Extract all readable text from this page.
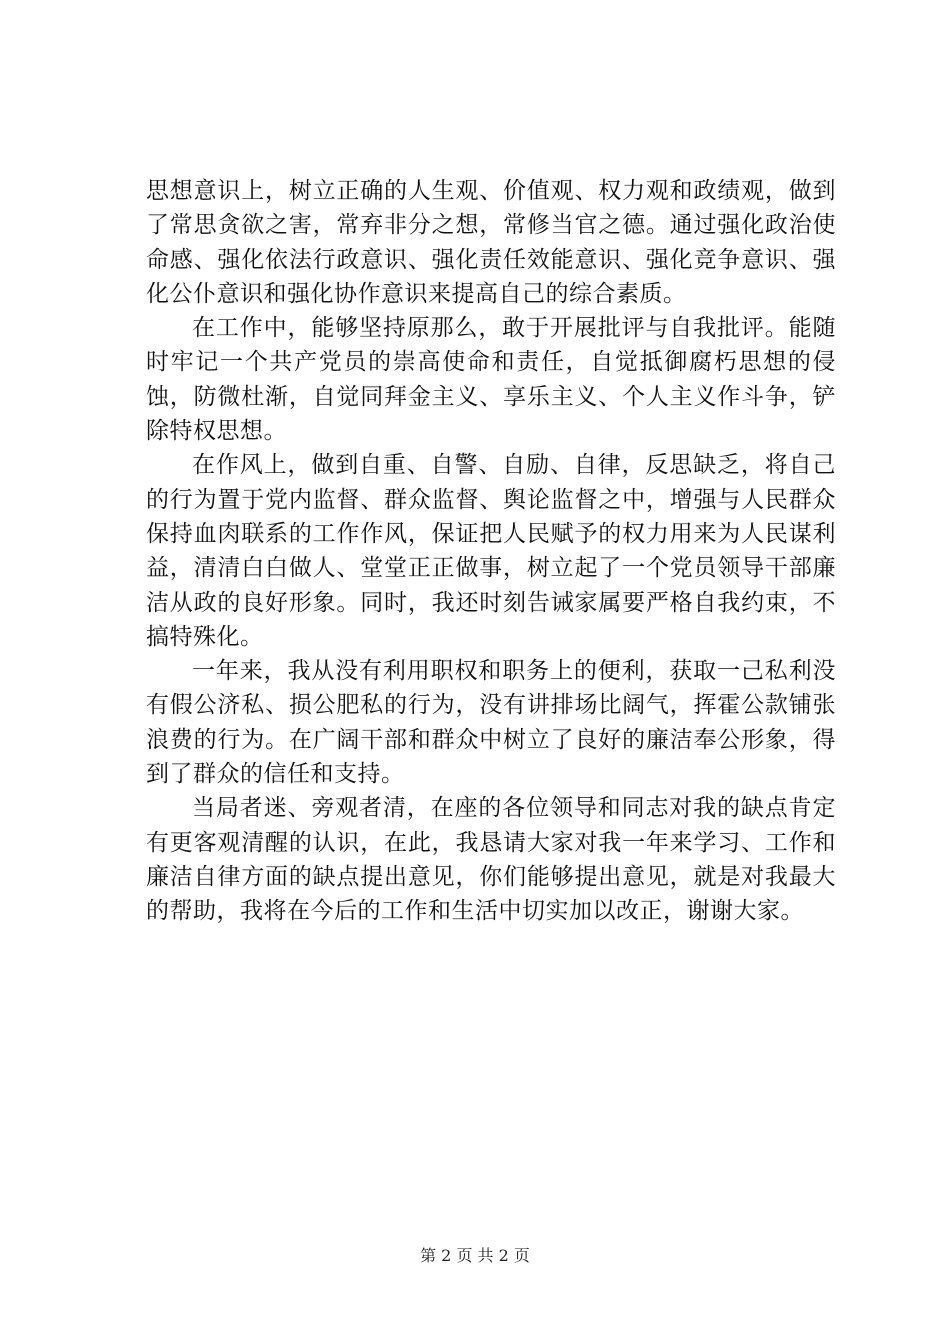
思想意识上，树立正确的人生观、价值观、权力观和政绩观，做到了常思贪欲之害，常弃非分之想，常修当官之德。通过强化政治使命感、强化依法行政意识、强化责任效能意识、强化竞争意识、强化公仆意识和强化协作意识来提高自己的综合素质。

在工作中，能够坚持原那么，敢于开展批评与自我批评。能随时牢记一个共产党员的崇高使命和责任，自觉抵御腐朽思想的侵蚀，防微杜渐，自觉同拜金主义、享乐主义、个人主义作斗争，铲除特权思想。

在作风上，做到自重、自警、自励、自律，反思缺乏，将自己的行为置于党内监督、群众监督、舆论监督之中，增强与人民群众保持血肉联系的工作作风，保证把人民赋予的权力用来为人民谋利益，清清白白做人、堂堂正正做事，树立起了一个党员领导干部廉洁从政的良好形象。同时，我还时刻告诫家属要严格自我约束，不搞特殊化。

一年来，我从没有利用职权和职务上的便利，获取一己私利没有假公济私、损公肥私的行为，没有讲排场比阔气，挥霍公款铺张浪费的行为。在广阔干部和群众中树立了良好的廉洁奉公形象，得到了群众的信任和支持。

当局者迷、旁观者清，在座的各位领导和同志对我的缺点肯定有更客观清醒的认识，在此，我恳请大家对我一年来学习、工作和廉洁自律方面的缺点提出意见，你们能够提出意见，就是对我最大的帮助，我将在今后的工作和生活中切实加以改正，谢谢大家。

第 2 页 共 2 页
